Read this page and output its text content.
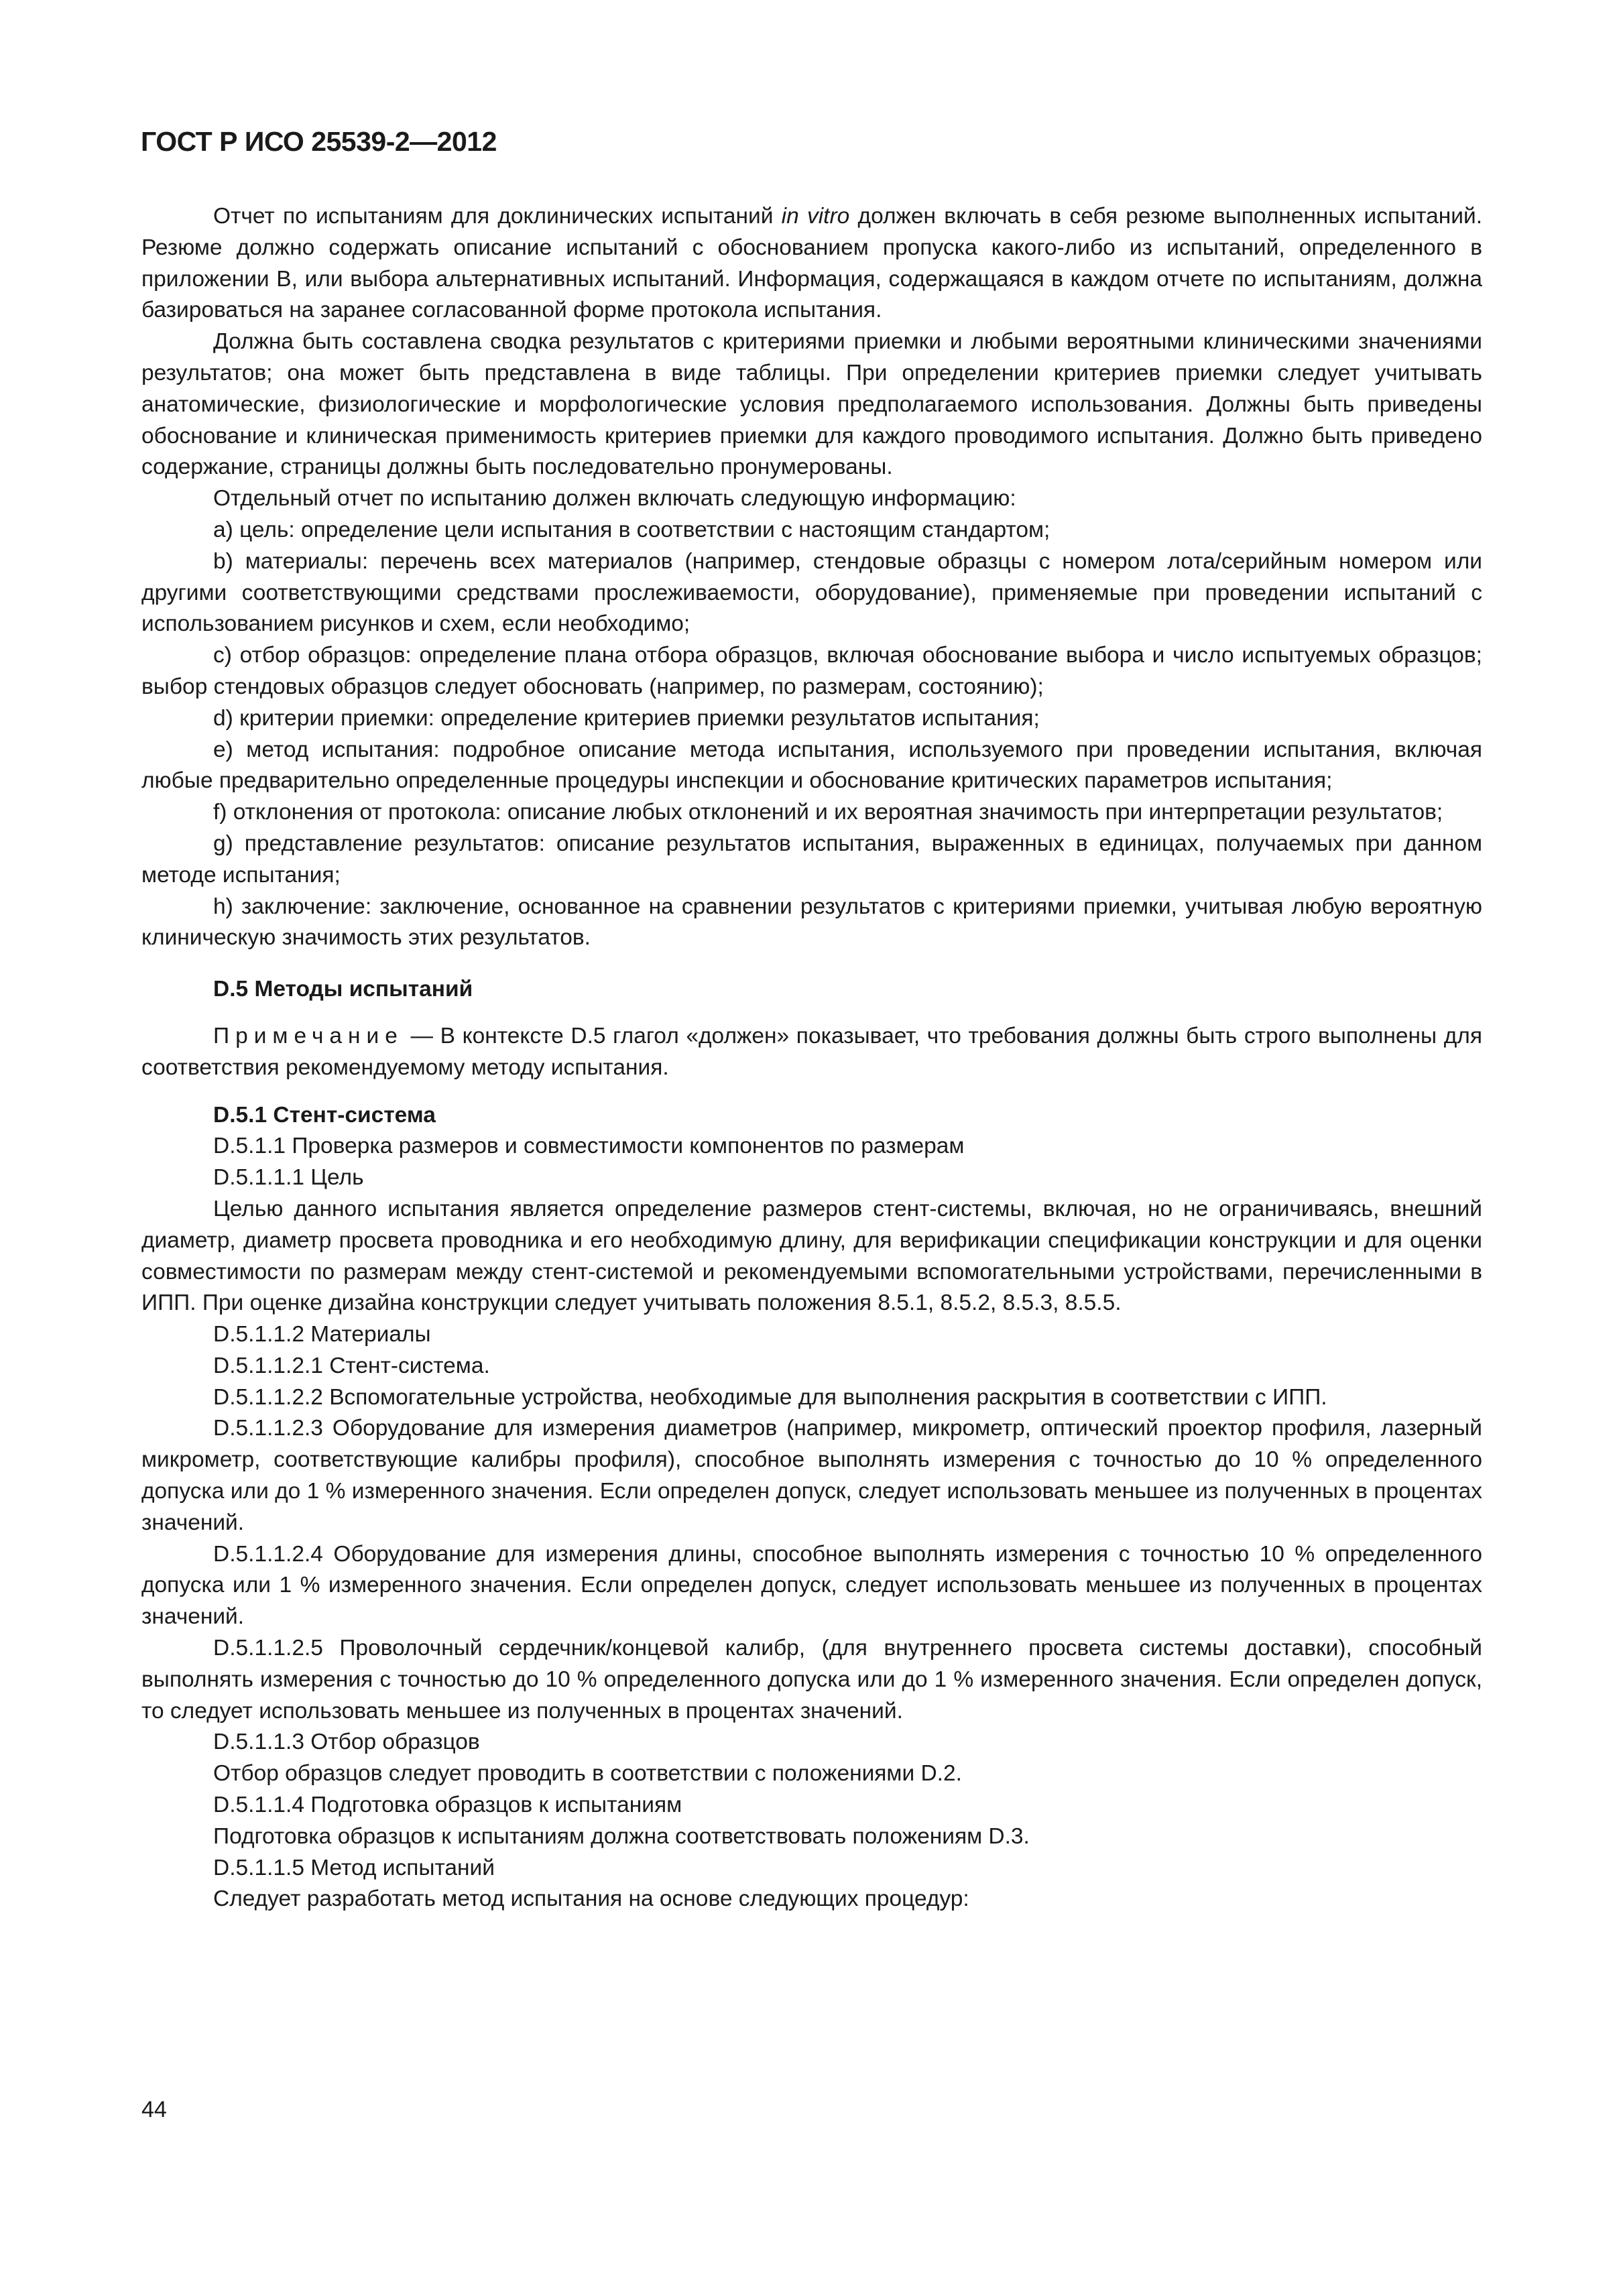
ГОСТ Р ИСО 25539-2—2012

Отчет по испытаниям для доклинических испытаний in vitro должен включать в себя резюме выполненных испытаний. Резюме должно содержать описание испытаний с обоснованием пропуска какого-либо из испытаний, определенного в приложении В, или выбора альтернативных испытаний. Информация, содержащаяся в каждом отчете по испытаниям, должна базироваться на заранее согласованной форме протокола испытания.

Должна быть составлена сводка результатов с критериями приемки и любыми вероятными клиническими значениями результатов; она может быть представлена в виде таблицы. При определении критериев приемки следует учитывать анатомические, физиологические и морфологические условия предполагаемого использования. Должны быть приведены обоснование и клиническая применимость критериев приемки для каждого проводимого испытания. Должно быть приведено содержание, страницы должны быть последовательно пронумерованы.

Отдельный отчет по испытанию должен включать следующую информацию:

а) цель: определение цели испытания в соответствии с настоящим стандартом;

b) материалы: перечень всех материалов (например, стендовые образцы с номером лота/серийным номером или другими соответствующими средствами прослеживаемости, оборудование), применяемые при проведении испытаний с использованием рисунков и схем, если необходимо;

с) отбор образцов: определение плана отбора образцов, включая обоснование выбора и число испытуемых образцов; выбор стендовых образцов следует обосновать (например, по размерам, состоянию);

d) критерии приемки: определение критериев приемки результатов испытания;

е) метод испытания: подробное описание метода испытания, используемого при проведении испытания, включая любые предварительно определенные процедуры инспекции и обоснование критических параметров испытания;

f) отклонения от протокола: описание любых отклонений и их вероятная значимость при интерпретации результатов;

g) представление результатов: описание результатов испытания, выраженных в единицах, получаемых при данном методе испытания;

h) заключение: заключение, основанное на сравнении результатов с критериями приемки, учитывая любую вероятную клиническую значимость этих результатов.

D.5 Методы испытаний

Примечание — В контексте D.5 глагол «должен» показывает, что требования должны быть строго выполнены для соответствия рекомендуемому методу испытания.

D.5.1 Стент-система

D.5.1.1 Проверка размеров и совместимости компонентов по размерам

D.5.1.1.1 Цель

Целью данного испытания является определение размеров стент-системы, включая, но не ограничиваясь, внешний диаметр, диаметр просвета проводника и его необходимую длину, для верификации спецификации конструкции и для оценки совместимости по размерам между стент-системой и рекомендуемыми вспомогательными устройствами, перечисленными в ИПП. При оценке дизайна конструкции следует учитывать положения 8.5.1, 8.5.2, 8.5.3, 8.5.5.

D.5.1.1.2 Материалы

D.5.1.1.2.1 Стент-система.

D.5.1.1.2.2 Вспомогательные устройства, необходимые для выполнения раскрытия в соответствии с ИПП.

D.5.1.1.2.3 Оборудование для измерения диаметров (например, микрометр, оптический проектор профиля, лазерный микрометр, соответствующие калибры профиля), способное выполнять измерения с точностью до 10 % определенного допуска или до 1 % измеренного значения. Если определен допуск, следует использовать меньшее из полученных в процентах значений.

D.5.1.1.2.4 Оборудование для измерения длины, способное выполнять измерения с точностью 10 % определенного допуска или 1 % измеренного значения. Если определен допуск, следует использовать меньшее из полученных в процентах значений.

D.5.1.1.2.5 Проволочный сердечник/концевой калибр, (для внутреннего просвета системы доставки), способный выполнять измерения с точностью до 10 % определенного допуска или до 1 % измеренного значения. Если определен допуск, то следует использовать меньшее из полученных в процентах значений.

D.5.1.1.3 Отбор образцов

Отбор образцов следует проводить в соответствии с положениями D.2.

D.5.1.1.4 Подготовка образцов к испытаниям

Подготовка образцов к испытаниям должна соответствовать положениям D.3.

D.5.1.1.5 Метод испытаний

Следует разработать метод испытания на основе следующих процедур:

44
